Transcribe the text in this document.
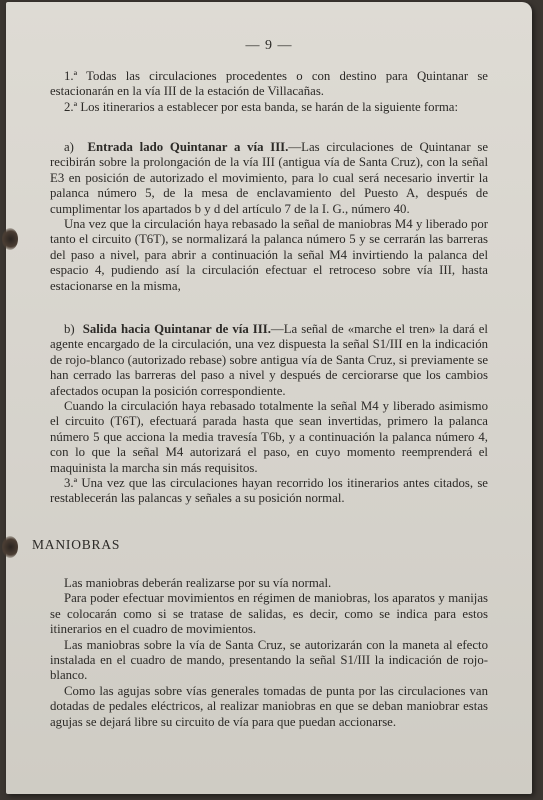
— 9 —

1.ª Todas las circulaciones procedentes o con destino para Quintanar se estacionarán en la vía III de la estación de Villacañas.

2.ª Los itinerarios a establecer por esta banda, se harán de la siguiente forma:

a) Entrada lado Quintanar a vía III.—Las circulaciones de Quintanar se recibirán sobre la prolongación de la vía III (antigua vía de Santa Cruz), con la señal E3 en posición de autorizado el movimiento, para lo cual será necesario invertir la palanca número 5, de la mesa de enclavamiento del Puesto A, después de cumplimentar los apartados b y d del artículo 7 de la I. G., número 40.

Una vez que la circulación haya rebasado la señal de maniobras M4 y liberado por tanto el circuito (T6T), se normalizará la palanca número 5 y se cerrarán las barreras del paso a nivel, para abrir a continuación la señal M4 invirtiendo la palanca del espacio 4, pudiendo así la circulación efectuar el retroceso sobre vía III, hasta estacionarse en la misma,

b) Salida hacia Quintanar de vía III.—La señal de «marche el tren» la dará el agente encargado de la circulación, una vez dispuesta la señal S1/III en la indicación de rojo-blanco (autorizado rebase) sobre antigua vía de Santa Cruz, si previamente se han cerrado las barreras del paso a nivel y después de cerciorarse que los cambios afectados ocupan la posición correspondiente.

Cuando la circulación haya rebasado totalmente la señal M4 y liberado asimismo el circuito (T6T), efectuará parada hasta que sean invertidas, primero la palanca número 5 que acciona la media travesía T6b, y a continuación la palanca número 4, con lo que la señal M4 autorizará el paso, en cuyo momento reemprenderá el maquinista la marcha sin más requisitos.

3.ª Una vez que las circulaciones hayan recorrido los itinerarios antes citados, se restablecerán las palancas y señales a su posición normal.

MANIOBRAS

Las maniobras deberán realizarse por su vía normal.

Para poder efectuar movimientos en régimen de maniobras, los aparatos y manijas se colocarán como si se tratase de salidas, es decir, como se indica para estos itinerarios en el cuadro de movimientos.

Las maniobras sobre la vía de Santa Cruz, se autorizarán con la maneta al efecto instalada en el cuadro de mando, presentando la señal S1/III la indicación de rojo-blanco.

Como las agujas sobre vías generales tomadas de punta por las circulaciones van dotadas de pedales eléctricos, al realizar maniobras en que se deban maniobrar estas agujas se dejará libre su circuito de vía para que puedan accionarse.
